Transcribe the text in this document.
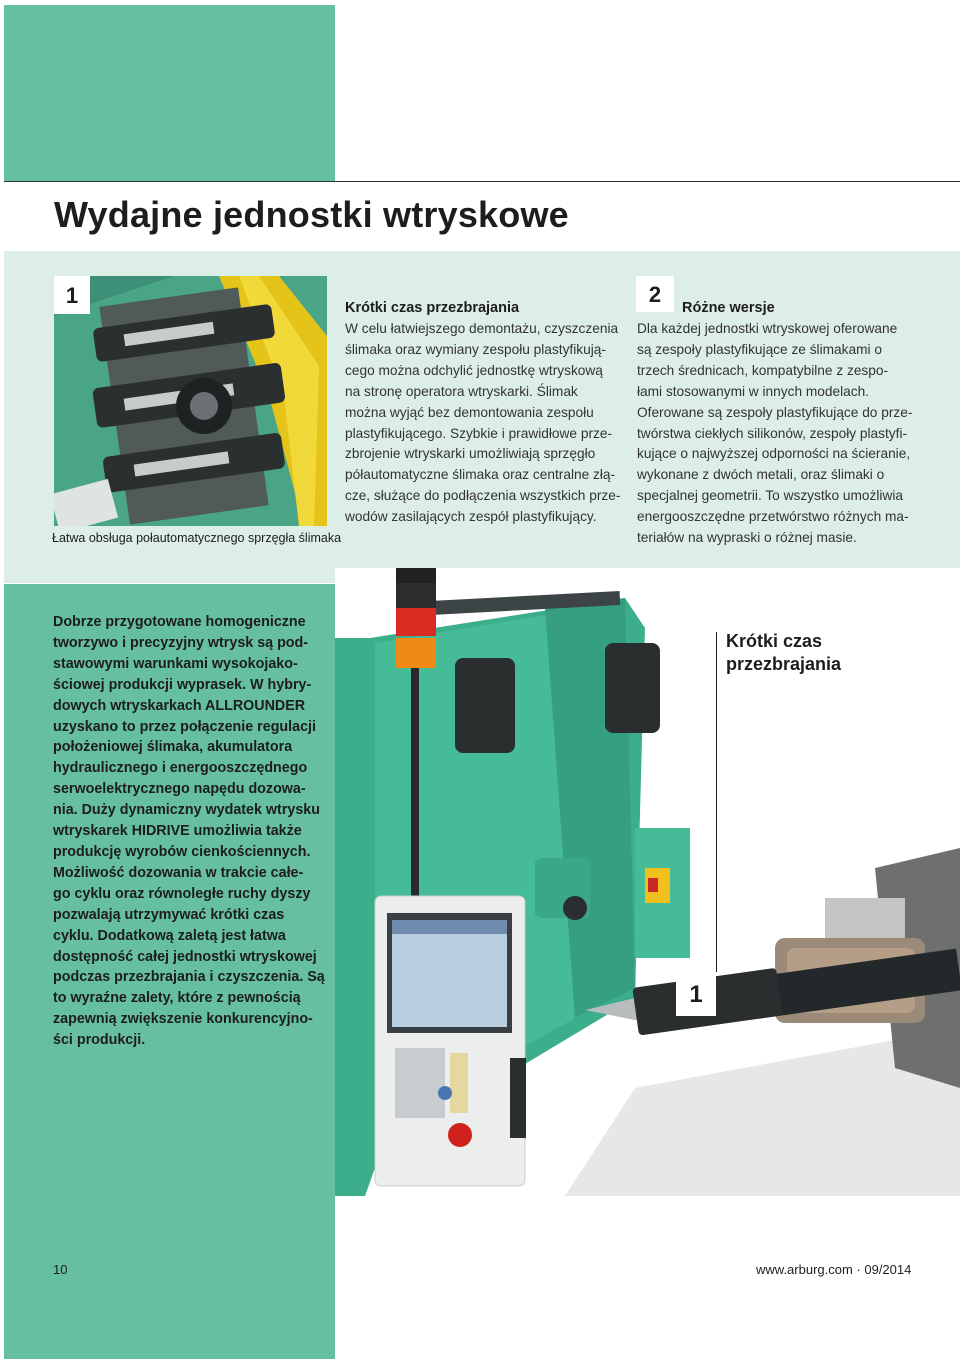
Wydajne jednostki wtryskowe
1
Łatwa obsługa połautomatycznego sprzęgła ślimaka
Krótki czas przezbrajania
W celu łatwiejszego demontażu, czyszczenia
ślimaka oraz wymiany zespołu plastyfikują-
cego można odchylić jednostkę wtryskową
na stronę operatora wtryskarki. Ślimak
można wyjąć bez demontowania zespołu
plastyfikującego. Szybkie i prawidłowe prze-
zbrojenie wtryskarki umożliwiają sprzęgło
półautomatyczne ślimaka oraz centralne złą-
cze, służące do podłączenia wszystkich prze-
wodów zasilających zespół plastyfikujący.
2
Różne wersje
Dla każdej jednostki wtryskowej oferowane
są zespoły plastyfikujące ze ślimakami o
trzech średnicach, kompatybilne z zespo-
łami stosowanymi w innych modelach.
Oferowane są zespoły plastyfikujące do prze-
twórstwa ciekłych silikonów, zespoły plastyfi-
kujące o najwyższej odporności na ścieranie,
wykonane z dwóch metali, oraz ślimaki o
specjalnej geometrii. To wszystko umożliwia
energooszczędne przetwórstwo różnych ma-
teriałów na wypraski o różnej masie.
Dobrze przygotowane homogeniczne
tworzywo i precyzyjny wtrysk są pod-
stawowymi warunkami wysokojako-
ściowej produkcji wyprasek. W hybry-
dowych wtryskarkach ALLROUNDER
uzyskano to przez połączenie regulacji
położeniowej ślimaka, akumulatora
hydraulicznego i energooszczędnego
serwoelektrycznego napędu dozowa-
nia. Duży dynamiczny wydatek wtrysku
wtryskarek HIDRIVE umożliwia także
produkcję wyrobów cienkościennych.
Możliwość dozowania w trakcie całe-
go cyklu oraz równoległe ruchy dyszy
pozwalają utrzymywać krótki czas
cyklu. Dodatkową zaletą jest łatwa
dostępność całej jednostki wtryskowej
podczas przezbrajania i czyszczenia. Są
to wyraźne zalety, które z pewnością
zapewnią zwiększenie konkurencyjno-
ści produkcji.
Krótki czas
przezbrajania
1
10	www.arburg.com · 09/2014
